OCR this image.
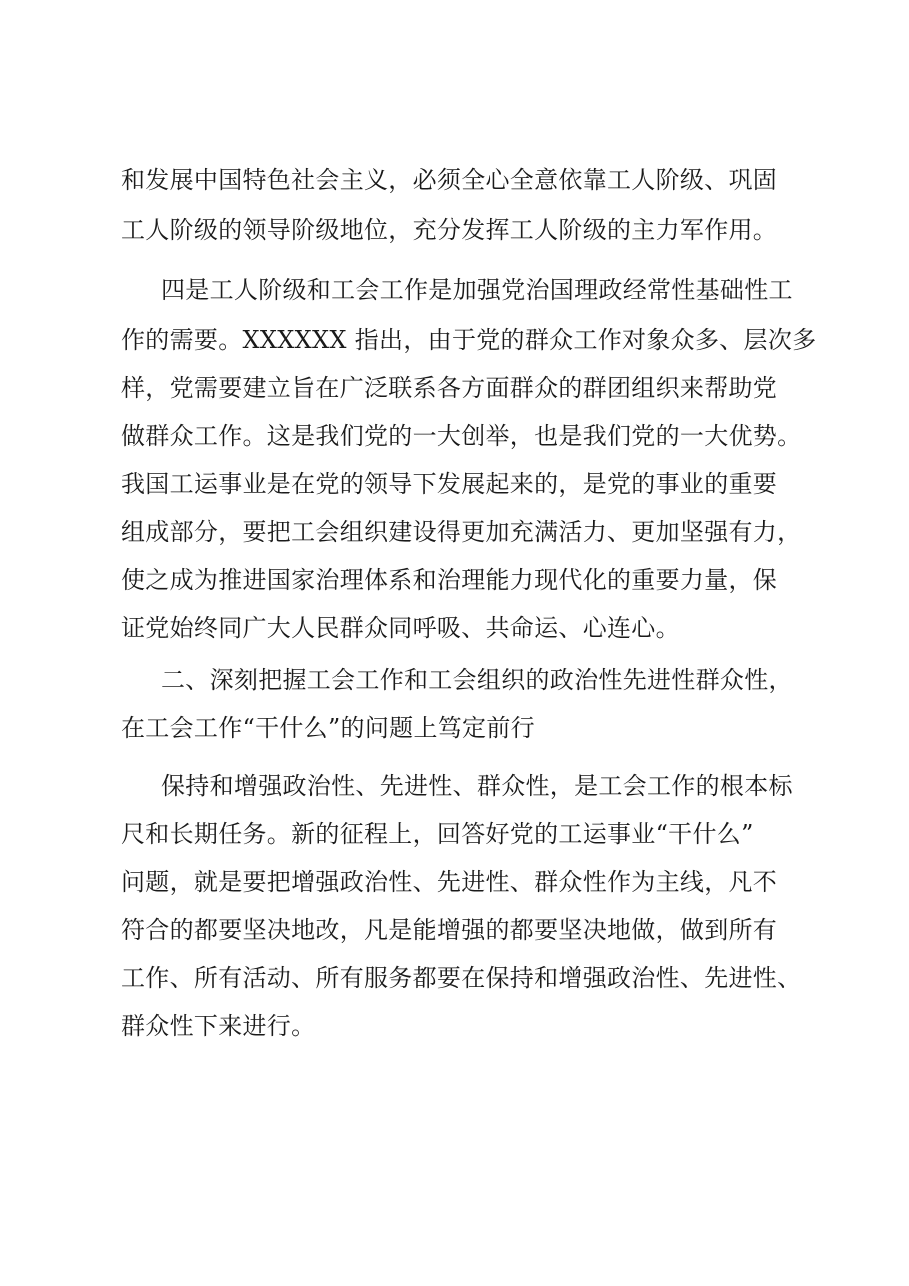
和发展中国特色社会主义，必须全心全意依靠工人阶级、巩固
工人阶级的领导阶级地位，充分发挥工人阶级的主力军作用。
四是工人阶级和工会工作是加强党治国理政经常性基础性工
作的需要。XXXXXX 指出，由于党的群众工作对象众多、层次多
样，党需要建立旨在广泛联系各方面群众的群团组织来帮助党
做群众工作。这是我们党的一大创举，也是我们党的一大优势。
我国工运事业是在党的领导下发展起来的，是党的事业的重要
组成部分，要把工会组织建设得更加充满活力、更加坚强有力，
使之成为推进国家治理体系和治理能力现代化的重要力量，保
证党始终同广大人民群众同呼吸、共命运、心连心。
二、深刻把握工会工作和工会组织的政治性先进性群众性，
在工会工作“干什么”的问题上笃定前行
保持和增强政治性、先进性、群众性，是工会工作的根本标
尺和长期任务。新的征程上，回答好党的工运事业“干什么”
问题，就是要把增强政治性、先进性、群众性作为主线，凡不
符合的都要坚决地改，凡是能增强的都要坚决地做，做到所有
工作、所有活动、所有服务都要在保持和增强政治性、先进性、
群众性下来进行。
